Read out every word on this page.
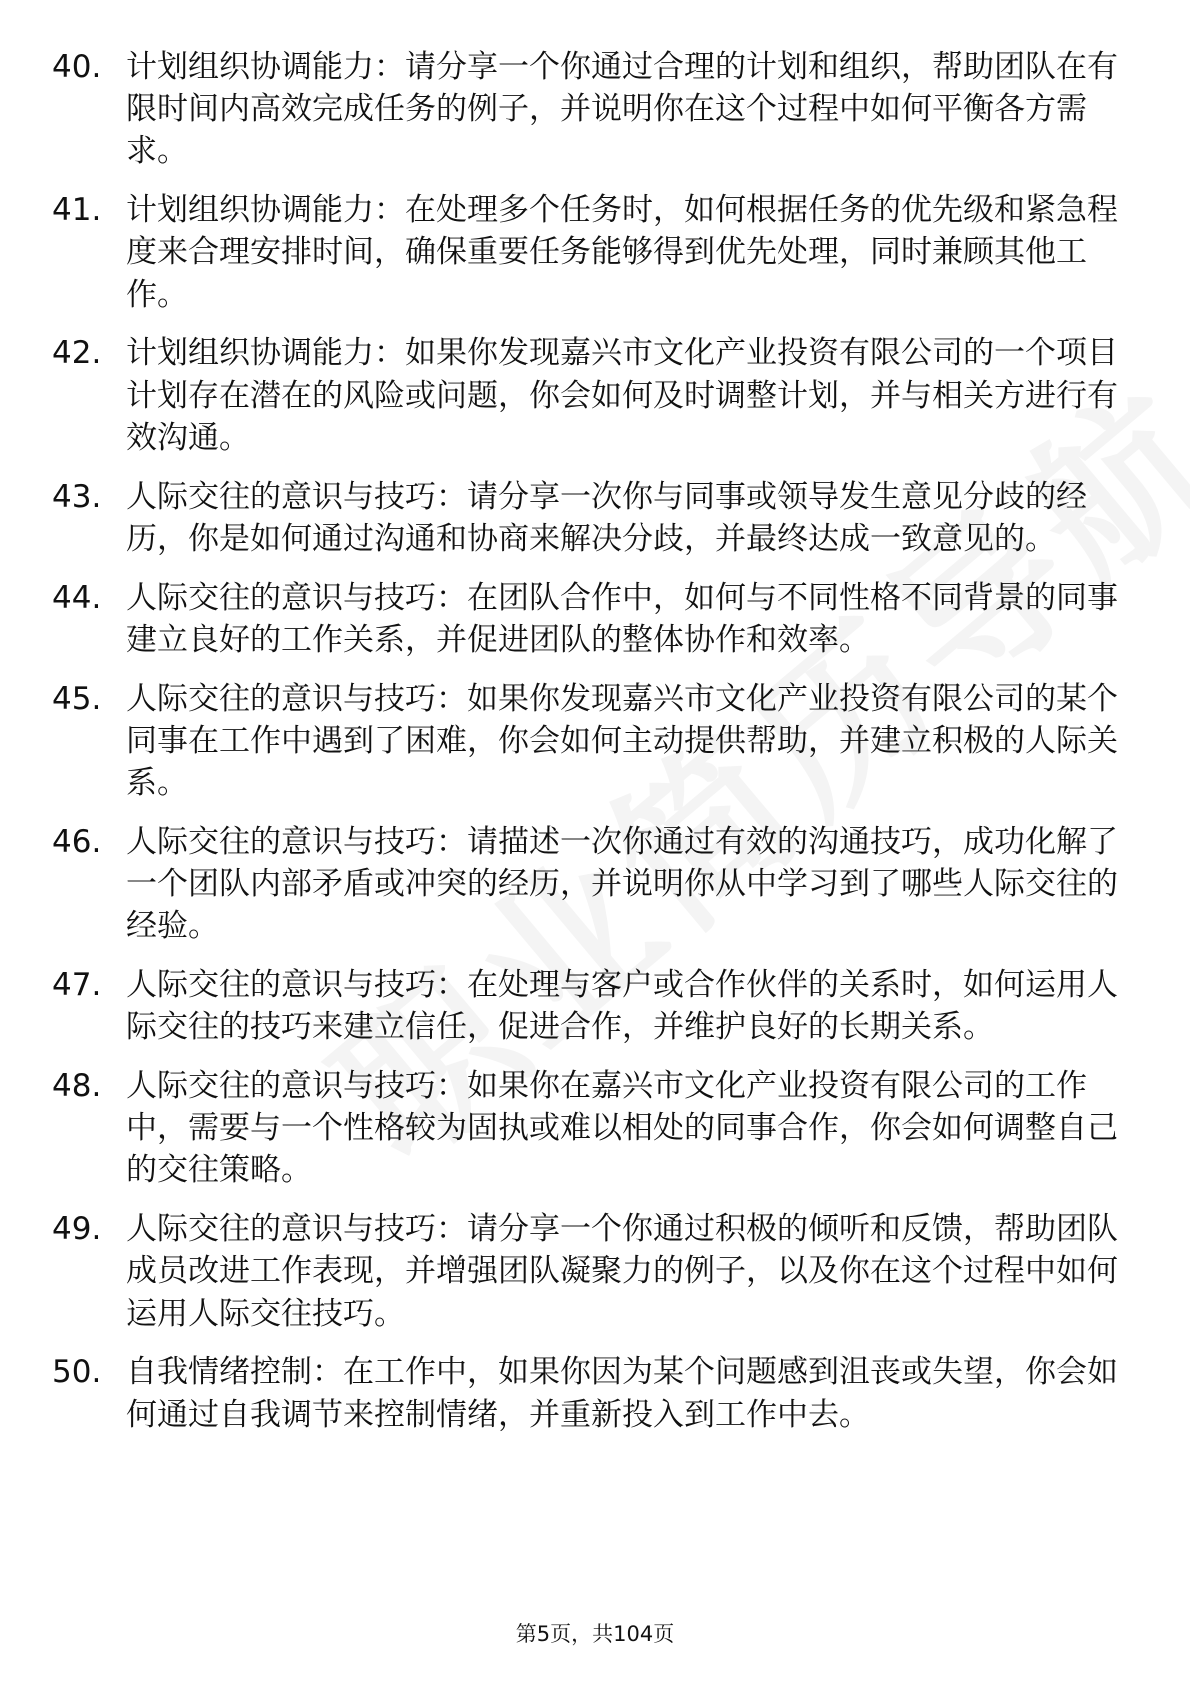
40. 计划组织协调能力：请分享一个你通过合理的计划和组织，帮助团队在有限时间内高效完成任务的例子，并说明你在这个过程中如何平衡各方需求。
41. 计划组织协调能力：在处理多个任务时，如何根据任务的优先级和紧急程度来合理安排时间，确保重要任务能够得到优先处理，同时兼顾其他工作。
42. 计划组织协调能力：如果你发现嘉兴市文化产业投资有限公司的一个项目计划存在潜在的风险或问题，你会如何及时调整计划，并与相关方进行有效沟通。
43. 人际交往的意识与技巧：请分享一次你与同事或领导发生意见分歧的经历，你是如何通过沟通和协商来解决分歧，并最终达成一致意见的。
44. 人际交往的意识与技巧：在团队合作中，如何与不同性格不同背景的同事建立良好的工作关系，并促进团队的整体协作和效率。
45. 人际交往的意识与技巧：如果你发现嘉兴市文化产业投资有限公司的某个同事在工作中遇到了困难，你会如何主动提供帮助，并建立积极的人际关系。
46. 人际交往的意识与技巧：请描述一次你通过有效的沟通技巧，成功化解了一个团队内部矛盾或冲突的经历，并说明你从中学习到了哪些人际交往的经验。
47. 人际交往的意识与技巧：在处理与客户或合作伙伴的关系时，如何运用人际交往的技巧来建立信任，促进合作，并维护良好的长期关系。
48. 人际交往的意识与技巧：如果你在嘉兴市文化产业投资有限公司的工作中，需要与一个性格较为固执或难以相处的同事合作，你会如何调整自己的交往策略。
49. 人际交往的意识与技巧：请分享一个你通过积极的倾听和反馈，帮助团队成员改进工作表现，并增强团队凝聚力的例子，以及你在这个过程中如何运用人际交往技巧。
50. 自我情绪控制：在工作中，如果你因为某个问题感到沮丧或失望，你会如何通过自我调节来控制情绪，并重新投入到工作中去。
第5页，共104页
